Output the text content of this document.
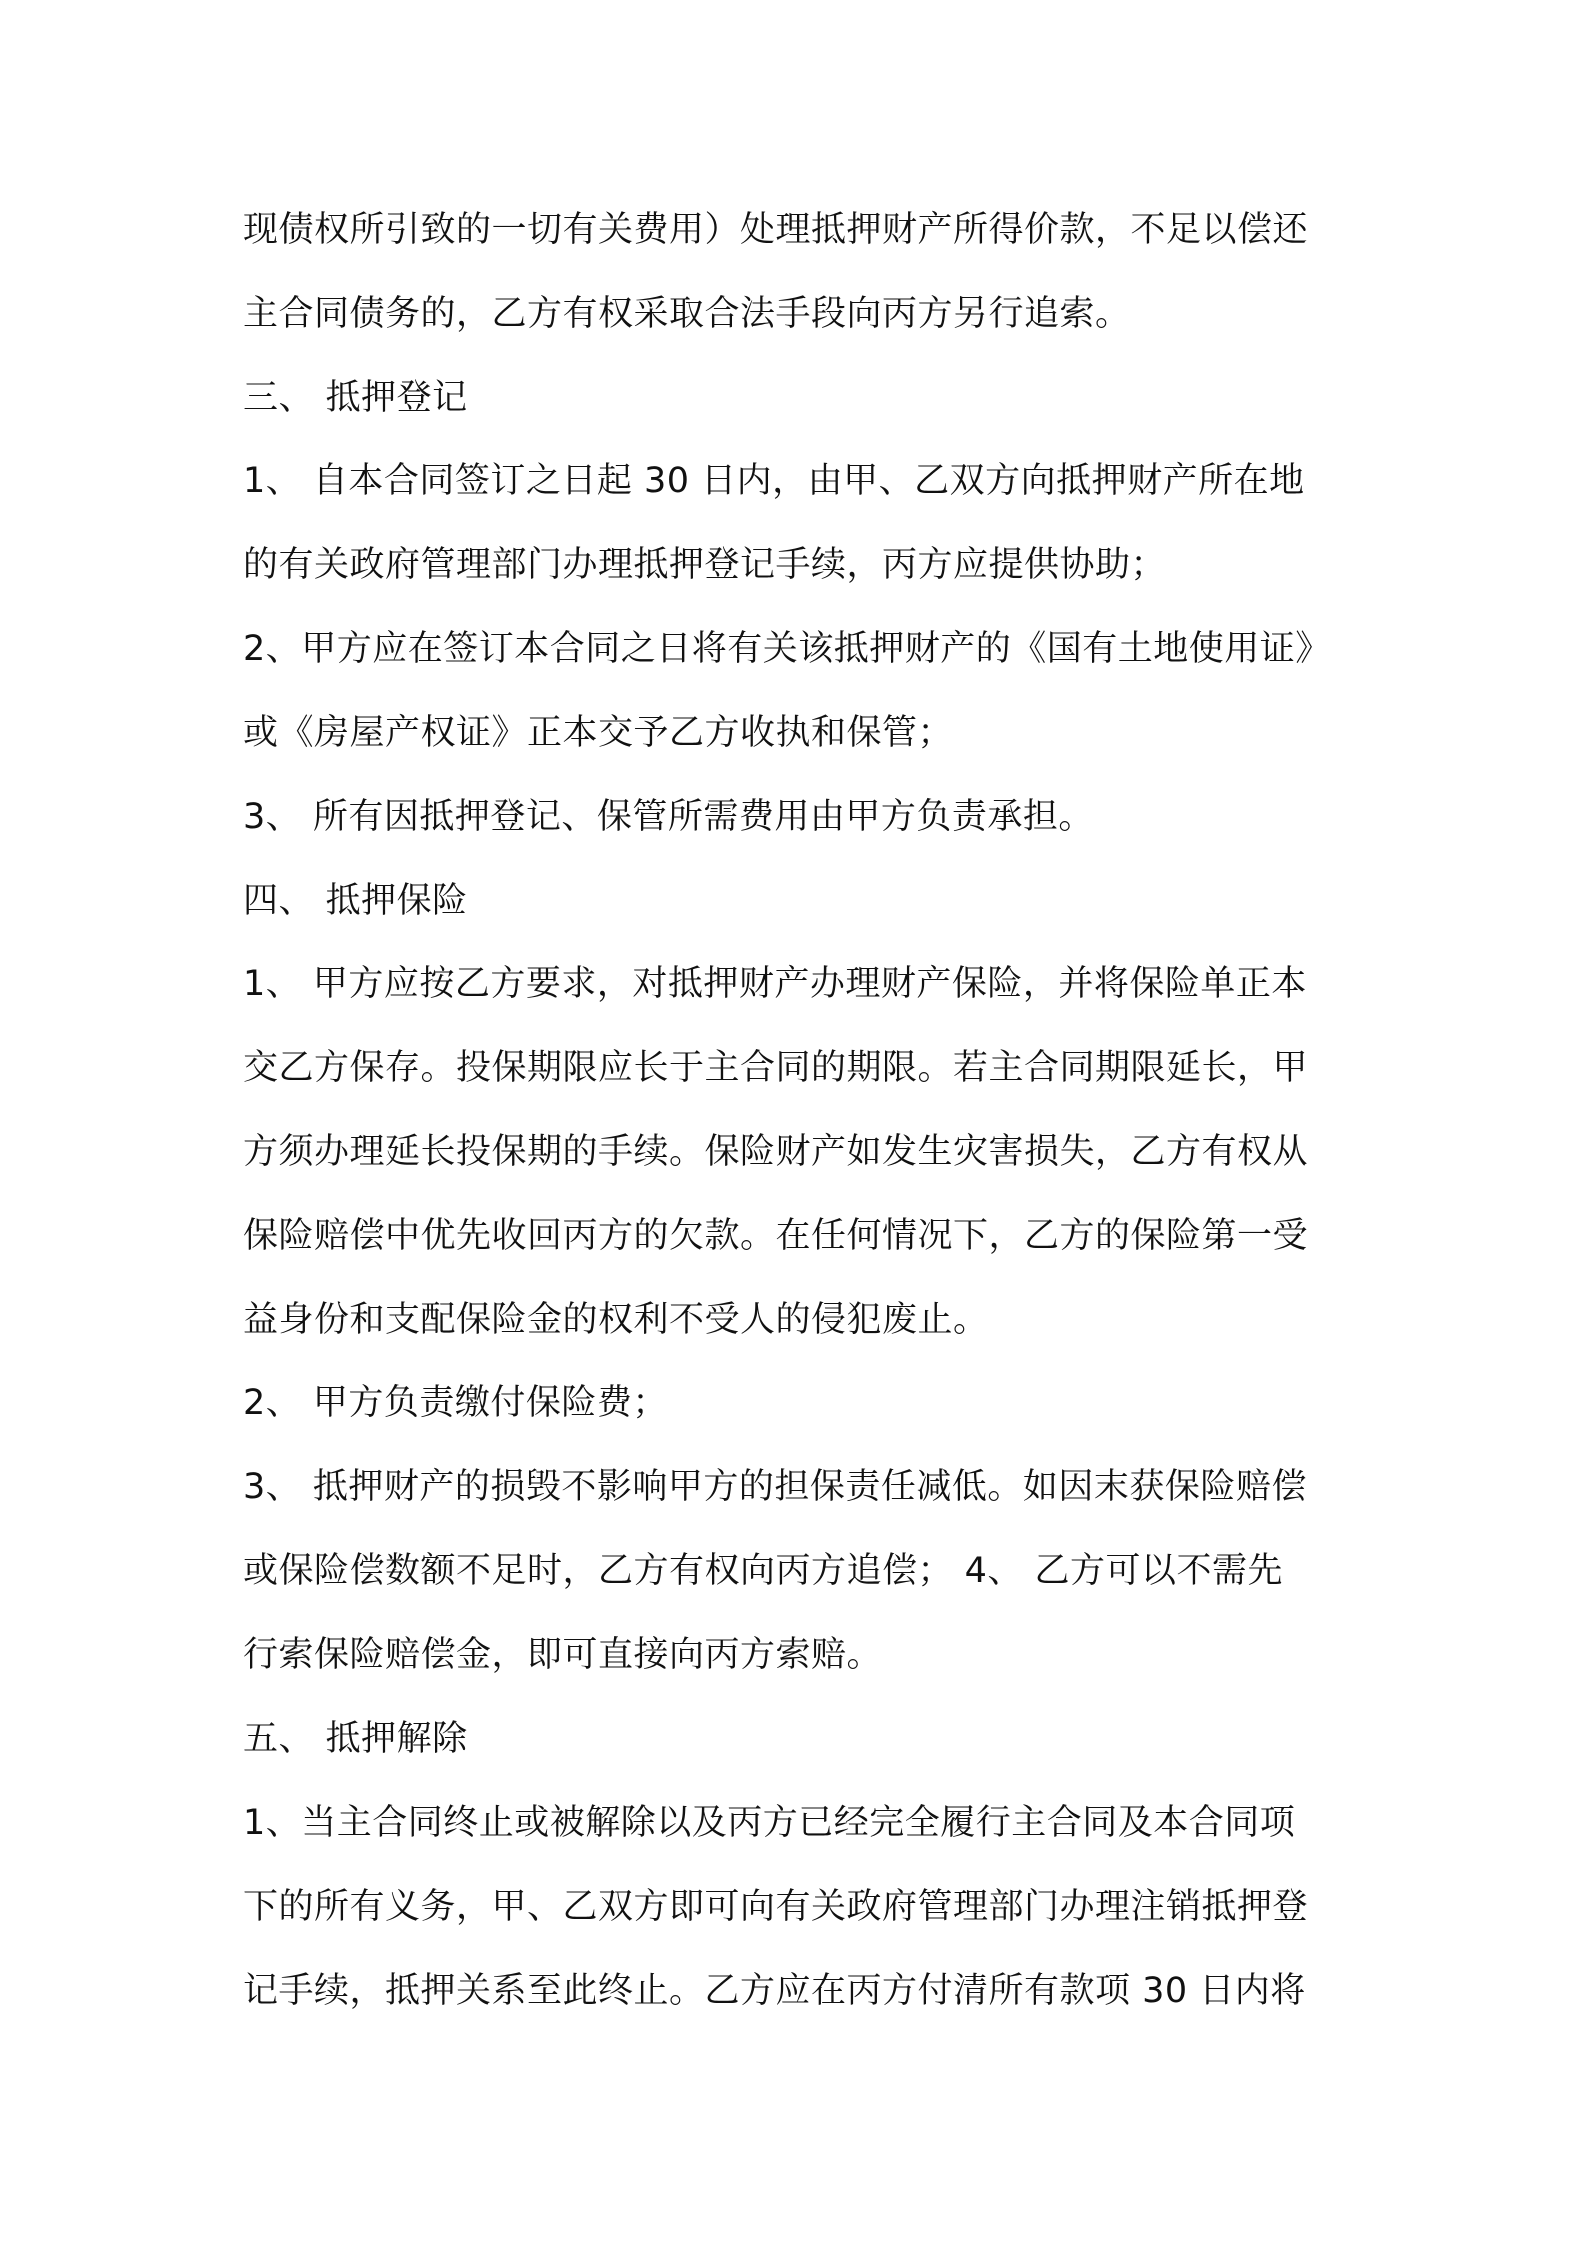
现债权所引致的一切有关费用）处理抵押财产所得价款，不足以偿还
主合同债务的，乙方有权采取合法手段向丙方另行追索。
三、 抵押登记
1、 自本合同签订之日起 30 日内，由甲、乙双方向抵押财产所在地
的有关政府管理部门办理抵押登记手续，丙方应提供协助；
2、甲方应在签订本合同之日将有关该抵押财产的《国有土地使用证》
或《房屋产权证》正本交予乙方收执和保管；
3、 所有因抵押登记、保管所需费用由甲方负责承担。
四、 抵押保险
1、 甲方应按乙方要求，对抵押财产办理财产保险，并将保险单正本
交乙方保存。投保期限应长于主合同的期限。若主合同期限延长，甲
方须办理延长投保期的手续。保险财产如发生灾害损失，乙方有权从
保险赔偿中优先收回丙方的欠款。在任何情况下，乙方的保险第一受
益身份和支配保险金的权利不受人的侵犯废止。
2、 甲方负责缴付保险费；
3、 抵押财产的损毁不影响甲方的担保责任减低。如因末获保险赔偿
或保险偿数额不足时，乙方有权向丙方追偿； 4、 乙方可以不需先
行索保险赔偿金，即可直接向丙方索赔。
五、 抵押解除
1、当主合同终止或被解除以及丙方已经完全履行主合同及本合同项
下的所有义务，甲、乙双方即可向有关政府管理部门办理注销抵押登
记手续，抵押关系至此终止。乙方应在丙方付清所有款项 30 日内将
